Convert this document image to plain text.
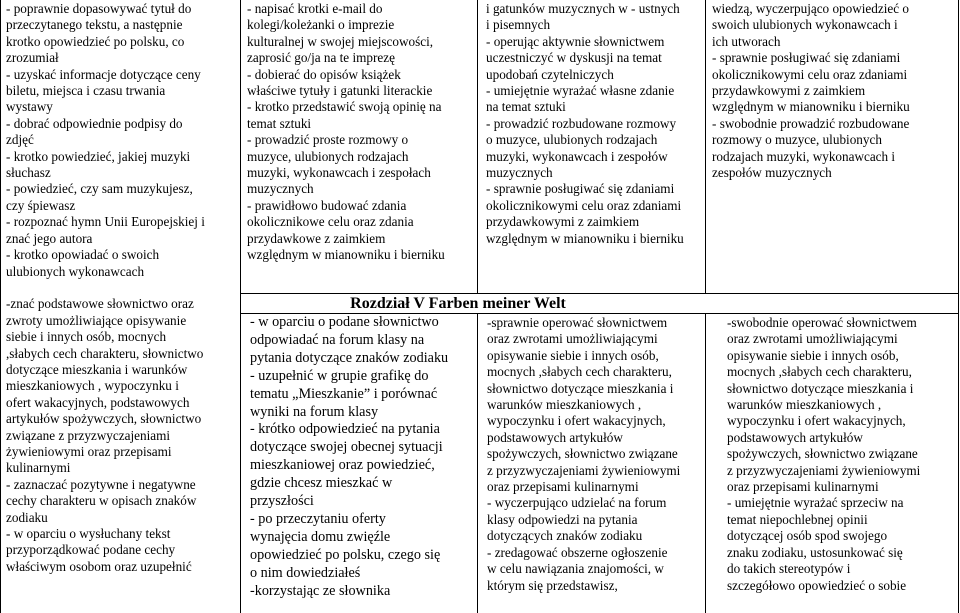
Rozdział V Farben meiner Welt
- poprawnie dopasowywać tytuł do
przeczytanego tekstu, a następnie
krotko opowiedzieć po polsku, co
zrozumiał
- uzyskać informacje dotyczące ceny
biletu, miejsca i czasu trwania
wystawy
- dobrać odpowiednie podpisy do
zdjęć
- krotko powiedzieć, jakiej muzyki
słuchasz
- powiedzieć, czy sam muzykujesz,
czy śpiewasz
- rozpoznać hymn Unii Europejskiej i
znać jego autora
- krotko opowiadać o swoich
ulubionych wykonawcach

-znać podstawowe słownictwo oraz
zwroty umożliwiające opisywanie
siebie i innych osób, mocnych
,słabych cech charakteru, słownictwo
dotyczące mieszkania i warunków
mieszkaniowych , wypoczynku i
ofert wakacyjnych, podstawowych
artykułów spożywczych, słownictwo
związane z przyzwyczajeniami
żywieniowymi oraz przepisami
kulinarnymi
- zaznaczać pozytywne i negatywne
cechy charakteru w opisach znaków
zodiaku
- w oparciu o wysłuchany tekst
przyporządkować podane cechy
właściwym osobom oraz uzupełnić
- napisać krotki e-mail do
kolegi/koleżanki o imprezie
kulturalnej w swojej miejscowości,
zaprosić go/ja na te imprezę
- dobierać do opisów książek
właściwe tytuły i gatunki literackie
- krotko przedstawić swoją opinię na
temat sztuki
- prowadzić proste rozmowy o
muzyce, ulubionych rodzajach
muzyki, wykonawcach i zespołach
muzycznych
- prawidłowo budować zdania
okolicznikowe celu oraz zdania
przydawkowe z zaimkiem
względnym w mianowniku i bierniku
i gatunków muzycznych w - ustnych
i pisemnych
- operując aktywnie słownictwem
uczestniczyć w dyskusji na temat
upodobań czytelniczych
- umiejętnie wyrażać własne zdanie
na temat sztuki
- prowadzić rozbudowane rozmowy
o muzyce, ulubionych rodzajach
muzyki, wykonawcach i zespołów
muzycznych
- sprawnie posługiwać się zdaniami
okolicznikowymi celu oraz zdaniami
przydawkowymi z zaimkiem
względnym w mianowniku i bierniku
wiedzą, wyczerpująco opowiedzieć o
swoich ulubionych wykonawcach i
ich utworach
- sprawnie posługiwać się zdaniami
okolicznikowymi celu oraz zdaniami
przydawkowymi z zaimkiem
względnym w mianowniku i bierniku
- swobodnie prowadzić rozbudowane
rozmowy o muzyce, ulubionych
rodzajach muzyki, wykonawcach i
zespołów muzycznych
- w oparciu o podane słownictwo
odpowiadać na forum klasy na
pytania dotyczące znaków zodiaku
- uzupełnić w grupie grafikę do
tematu „Mieszkanie” i porównać
wyniki na forum klasy
- krótko odpowiedzieć na pytania
dotyczące swojej obecnej sytuacji
mieszkaniowej oraz powiedzieć,
gdzie chcesz mieszkać w
przyszłości
- po przeczytaniu oferty
wynajęcia domu zwięźle
opowiedzieć po polsku, czego się
o nim dowiedziałeś
-korzystając ze słownika
-sprawnie operować słownictwem
oraz zwrotami umożliwiającymi
opisywanie siebie i innych osób,
mocnych ,słabych cech charakteru,
słownictwo dotyczące mieszkania i
warunków mieszkaniowych ,
wypoczynku i ofert wakacyjnych,
podstawowych artykułów
spożywczych, słownictwo związane
z przyzwyczajeniami żywieniowymi
oraz przepisami kulinarnymi
- wyczerpująco udzielać na forum
klasy odpowiedzi na pytania
dotyczących znaków zodiaku
- zredagować obszerne ogłoszenie
w celu nawiązania znajomości, w
którym się przedstawisz,
-swobodnie operować słownictwem
oraz zwrotami umożliwiającymi
opisywanie siebie i innych osób,
mocnych ,słabych cech charakteru,
słownictwo dotyczące mieszkania i
warunków mieszkaniowych ,
wypoczynku i ofert wakacyjnych,
podstawowych artykułów
spożywczych, słownictwo związane
z przyzwyczajeniami żywieniowymi
oraz przepisami kulinarnymi
- umiejętnie wyrażać sprzeciw na
temat niepochlebnej opinii
dotyczącej osób spod swojego
znaku zodiaku, ustosunkować się
do takich stereotypów i
szczegółowo opowiedzieć o sobie
